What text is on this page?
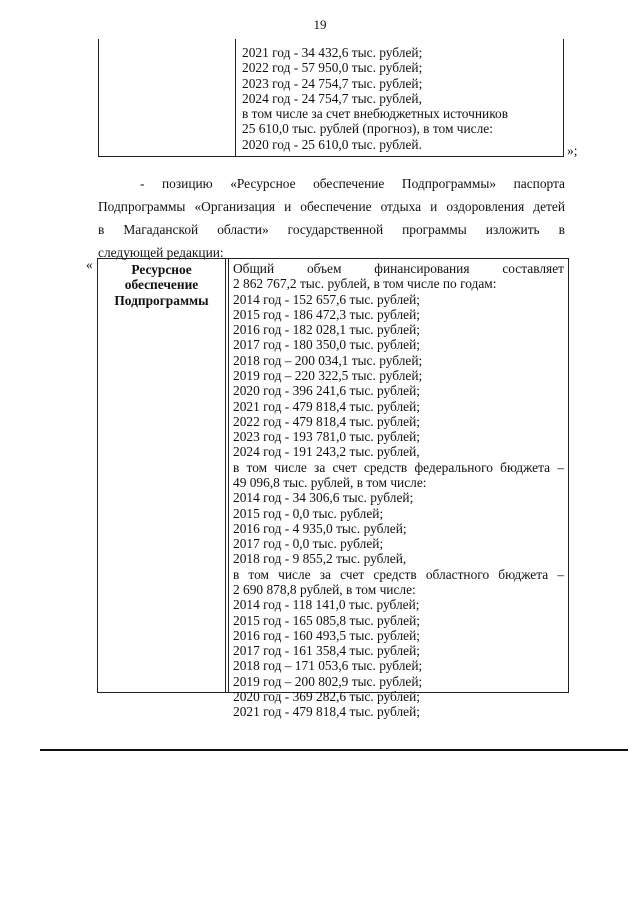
19
2021 год - 34 432,6 тыс. рублей;
2022 год - 57 950,0 тыс. рублей;
2023 год - 24 754,7 тыс. рублей;
2024 год - 24 754,7 тыс. рублей,
в том числе за счет внебюджетных источников
25 610,0 тыс. рублей (прогноз), в том числе:
2020 год - 25 610,0 тыс. рублей.	»;
- позицию «Ресурсное обеспечение Подпрограммы» паспорта
Подпрограммы «Организация и обеспечение отдыха и оздоровления детей
в Магаданской области» государственной программы изложить в
следующей редакции:
«	Ресурсное
обеспечение
Подпрограммы
Общий объем финансирования составляет
2 862 767,2 тыс. рублей, в том числе по годам:
2014 год - 152 657,6 тыс. рублей;
2015 год - 186 472,3 тыс. рублей;
2016 год - 182 028,1 тыс. рублей;
2017 год - 180 350,0 тыс. рублей;
2018 год – 200 034,1 тыс. рублей;
2019 год – 220 322,5 тыс. рублей;
2020 год - 396 241,6 тыс. рублей;
2021 год - 479 818,4 тыс. рублей;
2022 год - 479 818,4 тыс. рублей;
2023 год - 193 781,0 тыс. рублей;
2024 год - 191 243,2 тыс. рублей,
в том числе за счет средств федерального бюджета –
49 096,8 тыс. рублей, в том числе:
2014 год - 34 306,6 тыс. рублей;
2015 год - 0,0 тыс. рублей;
2016 год - 4 935,0 тыс. рублей;
2017 год - 0,0 тыс. рублей;
2018 год - 9 855,2 тыс. рублей,
в том числе за счет средств областного бюджета –
2 690 878,8 рублей, в том числе:
2014 год - 118 141,0 тыс. рублей;
2015 год - 165 085,8 тыс. рублей;
2016 год - 160 493,5 тыс. рублей;
2017 год - 161 358,4 тыс. рублей;
2018 год – 171 053,6 тыс. рублей;
2019 год – 200 802,9 тыс. рублей;
2020 год - 369 282,6 тыс. рублей;
2021 год - 479 818,4 тыс. рублей;
